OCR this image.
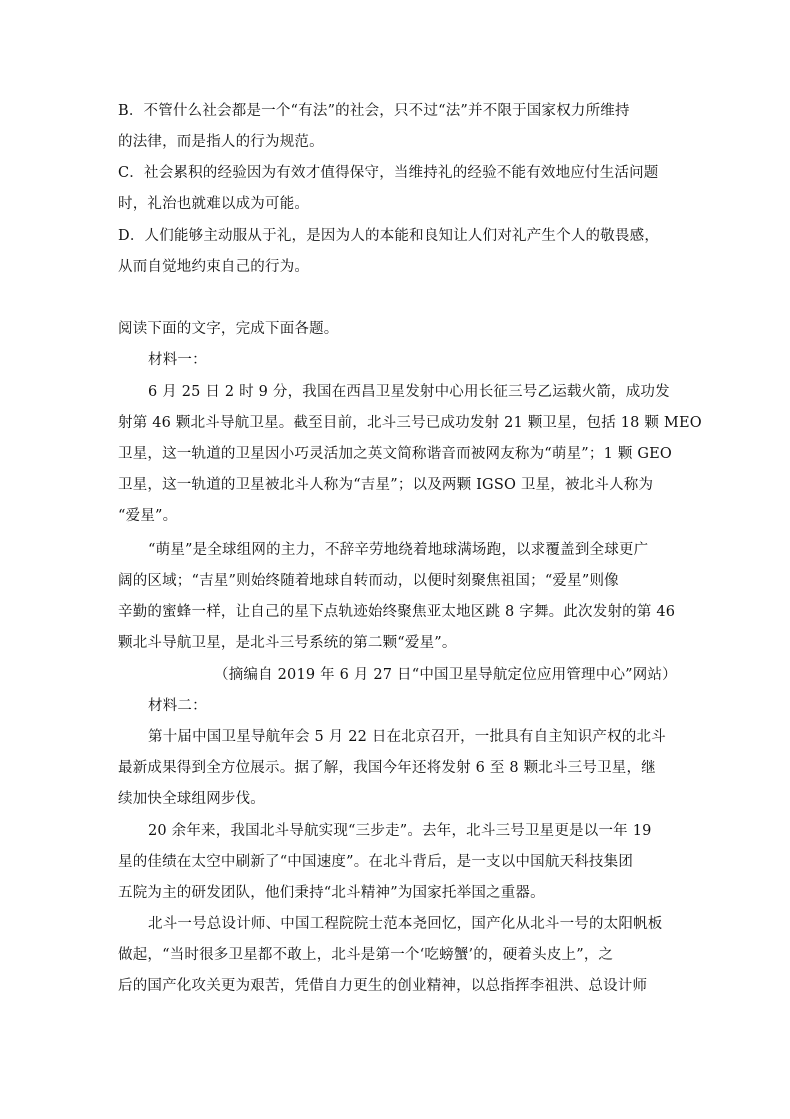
B．不管什么社会都是一个“有法”的社会，只不过“法”并不限于国家权力所维持
的法律，而是指人的行为规范。
C．社会累积的经验因为有效才值得保守，当维持礼的经验不能有效地应付生活问题
时，礼治也就难以成为可能。
D．人们能够主动服从于礼，是因为人的本能和良知让人们对礼产生个人的敬畏感，
从而自觉地约束自己的行为。
阅读下面的文字，完成下面各题。
材料一：
6 月 25 日 2 时 9 分，我国在西昌卫星发射中心用长征三号乙运载火箭，成功发
射第 46 颗北斗导航卫星。截至目前，北斗三号已成功发射 21 颗卫星，包括 18 颗 MEO
卫星，这一轨道的卫星因小巧灵活加之英文简称谐音而被网友称为“萌星”；1 颗 GEO
卫星，这一轨道的卫星被北斗人称为“吉星”；以及两颗 IGSO 卫星，被北斗人称为
“爱星”。
“萌星”是全球组网的主力，不辞辛劳地绕着地球满场跑，以求覆盖到全球更广
阔的区域；“吉星”则始终随着地球自转而动，以便时刻聚焦祖国；“爱星”则像
辛勤的蜜蜂一样，让自己的星下点轨迹始终聚焦亚太地区跳 8 字舞。此次发射的第 46
颗北斗导航卫星，是北斗三号系统的第二颗“爱星”。
（摘编自 2019 年 6 月 27 日“中国卫星导航定位应用管理中心”网站）
材料二：
第十届中国卫星导航年会 5 月 22 日在北京召开，一批具有自主知识产权的北斗
最新成果得到全方位展示。据了解，我国今年还将发射 6 至 8 颗北斗三号卫星，继
续加快全球组网步伐。
20 余年来，我国北斗导航实现“三步走”。去年，北斗三号卫星更是以一年 19
星的佳绩在太空中刷新了“中国速度”。在北斗背后，是一支以中国航天科技集团
五院为主的研发团队，他们秉持“北斗精神”为国家托举国之重器。
北斗一号总设计师、中国工程院院士范本尧回忆，国产化从北斗一号的太阳帆板
做起，“当时很多卫星都不敢上，北斗是第一个‘吃螃蟹’的，硬着头皮上”，之
后的国产化攻关更为艰苦，凭借自力更生的创业精神，以总指挥李祖洪、总设计师
